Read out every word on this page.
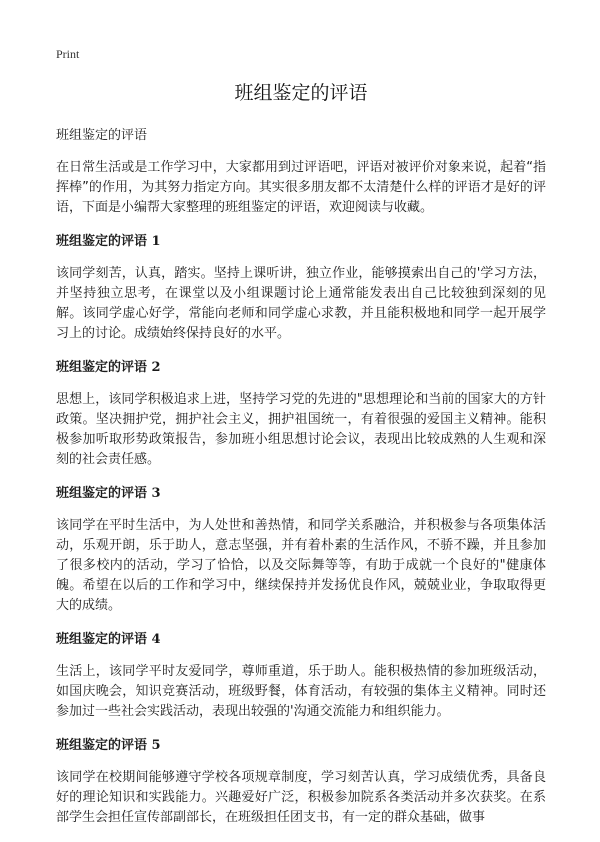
Print
班组鉴定的评语
班组鉴定的评语

在日常生活或是工作学习中，大家都用到过评语吧，评语对被评价对象来说，起着“指挥棒”的作用，为其努力指定方向。其实很多朋友都不太清楚什么样的评语才是好的评语，下面是小编帮大家整理的班组鉴定的评语，欢迎阅读与收藏。

班组鉴定的评语 1

该同学刻苦，认真，踏实。坚持上课听讲，独立作业，能够摸索出自己的'学习方法，并坚持独立思考，在课堂以及小组课题讨论上通常能发表出自己比较独到深刻的见解。该同学虚心好学，常能向老师和同学虚心求教，并且能积极地和同学一起开展学习上的讨论。成绩始终保持良好的水平。

班组鉴定的评语 2

思想上，该同学积极追求上进，坚持学习党的先进的"思想理论和当前的国家大的方针政策。坚决拥护党，拥护社会主义，拥护祖国统一，有着很强的爱国主义精神。能积极参加听取形势政策报告，参加班小组思想讨论会议，表现出比较成熟的人生观和深刻的社会责任感。

班组鉴定的评语 3

该同学在平时生活中，为人处世和善热情，和同学关系融洽，并积极参与各项集体活动，乐观开朗，乐于助人，意志坚强，并有着朴素的生活作风，不骄不躁，并且参加了很多校内的活动，学习了恰恰，以及交际舞等等，有助于成就一个良好的"健康体魄。希望在以后的工作和学习中，继续保持并发扬优良作风，兢兢业业，争取取得更大的成绩。

班组鉴定的评语 4

生活上，该同学平时友爱同学，尊师重道，乐于助人。能积极热情的参加班级活动，如国庆晚会，知识竞赛活动，班级野餐，体育活动，有较强的集体主义精神。同时还参加过一些社会实践活动，表现出较强的'沟通交流能力和组织能力。

班组鉴定的评语 5

该同学在校期间能够遵守学校各项规章制度，学习刻苦认真，学习成绩优秀，具备良好的理论知识和实践能力。兴趣爱好广泛，积极参加院系各类活动并多次获奖。在系部学生会担任宣传部副部长，在班级担任团支书，有一定的群众基础，做事
